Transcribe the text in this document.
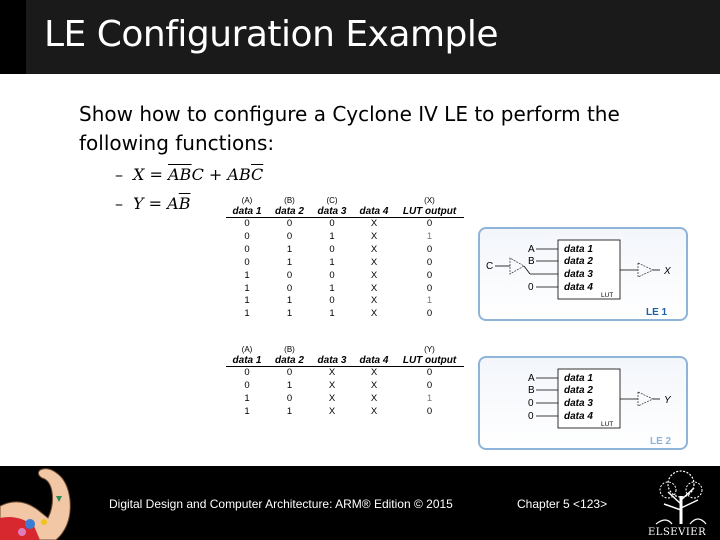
LE Configuration Example
Show how to configure a Cyclone IV LE to perform the following functions:
– $X = \overline{A}\overline{B}C + AB\overline{C}$
– $Y = A\overline{B}$	(A)	(B)	(C)		(X)
data 1	data 2	data 3	data 4	LUT output
0	0	0	X	0
0	0	1	X	1
0	1	0	X	0
0	1	1	X	0
1	0	0	X	0
1	0	1	X	0
1	1	0	X	1
1	1	1	X	0
(A)	(B)			(Y)
data 1	data 2	data 3	data 4	LUT output
0	0	X	X	0
0	1	X	X	0
1	0	X	X	1
1	1	X	X	0
A
B
C
0
data 1
data 2
data 3
data 4
LUT
X
LE 1
A
B
0
0
data 1
data 2
data 3
data 4
LUT
Y
LE 2
Digital Design and Computer Architecture: ARM® Edition © 2015	Chapter 5 <123>
ELSEVIER
